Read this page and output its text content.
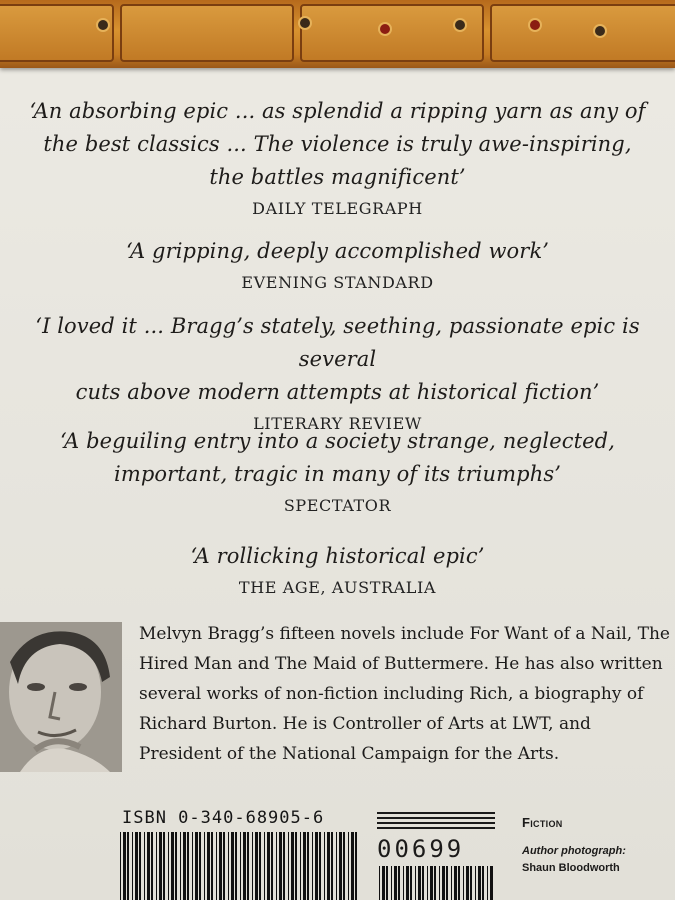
‘An absorbing epic ... as splendid a ripping yarn as any of
the best classics ... The violence is truly awe-inspiring,
the battles magnificent’
DAILY TELEGRAPH
‘A gripping, deeply accomplished work’
EVENING STANDARD
‘I loved it ... Bragg’s stately, seething, passionate epic is several
cuts above modern attempts at historical fiction’
LITERARY REVIEW
‘A beguiling entry into a society strange, neglected,
important, tragic in many of its triumphs’
SPECTATOR
‘A rollicking historical epic’
THE AGE, AUSTRALIA
Melvyn Bragg’s fifteen novels include For Want of a Nail, The
Hired Man and The Maid of Buttermere. He has also written
several works of non-fiction including Rich, a biography of
Richard Burton. He is Controller of Arts at LWT, and
President of the National Campaign for the Arts.
ISBN 0-340-68905-6
00699
Fiction
Author photograph:
Shaun Bloodworth
